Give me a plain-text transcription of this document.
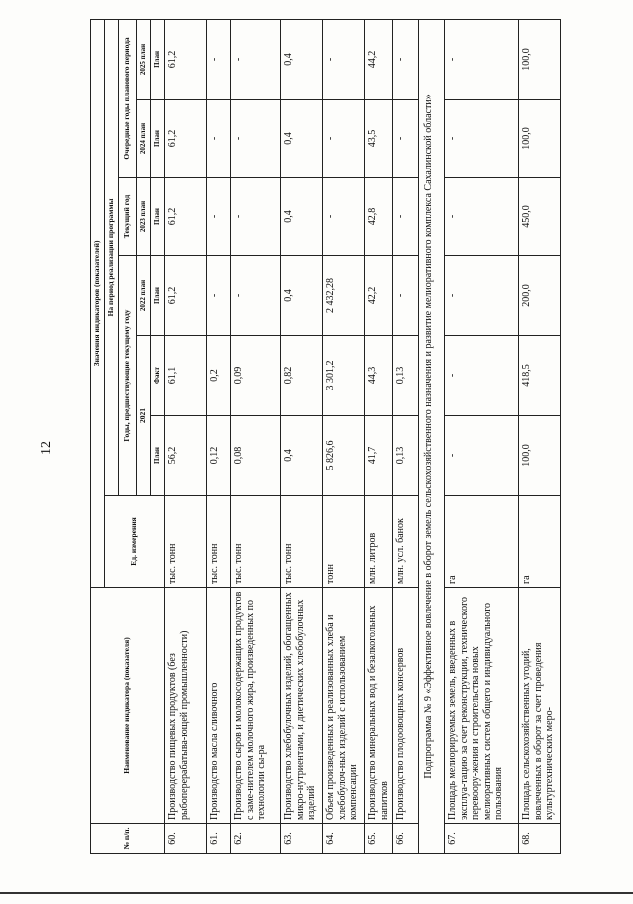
12
№ п/п.	Наименование индикатора (показателя)	Значения индикаторов (показателей)						
		Ед. измерения	На период реализации программы					
			Годы, предшествующие текущему году			Текущий год	Очередные годы планового периода	
			2021		2022 план	2023 план	2024 план	2025 план
			План	Факт	План	План	План	План
60.	Производство пищевых продуктов (без рыбоперерабатыва-ющей промышленности)	тыс. тонн	56,2	61,1	61,2	61,2	61,2	61,2
61.	Производство масла сливочного	тыс. тонн	0,12	0,2	-	-	-	-
62.	Производство сыров и молокосодержащих продуктов с заме-нителем молочного жира, произведенных по технологии сы-ра	тыс. тонн	0,08	0,09	-	-	-	-
63.	Производство хлебобулочных изделий, обогащенных микро-нутриентами, и диетических хлебобулочных изделий	тыс. тонн	0,4	0,82	0,4	0,4	0,4	0,4
64.	Объем произведенных и реализованных хлеба и хлебобулоч-ных изделий с использованием компенсации	тонн	5 826,6	3 301,2	2 432,28	-	-	-
65.	Производство минеральных вод и безалкогольных напитков	млн. литров	41,7	44,3	42,2	42,8	43,5	44,2
66.	Производство плодоовощных консервов	млн. усл. банок	0,13	0,13	-	-	-	-
Подпрограмма № 9 «Эффективное вовлечение в оборот земель сельскохозяйственного назначения и развитие мелиоративного комплекса Сахалинской области»								
67.	Площадь мелиорируемых земель, введенных в эксплуа-тацию за счет реконструкции, технического перевоору-жения и строительства новых мелиоративных систем общего и индивидуального пользования	га	-	-	-	-	-	-
68.	Площадь сельскохозяйственных угодий, вовлеченных в оборот за счет проведения культуртехнических меро-	га	100,0	418,5	200,0	450,0	100,0	100,0
